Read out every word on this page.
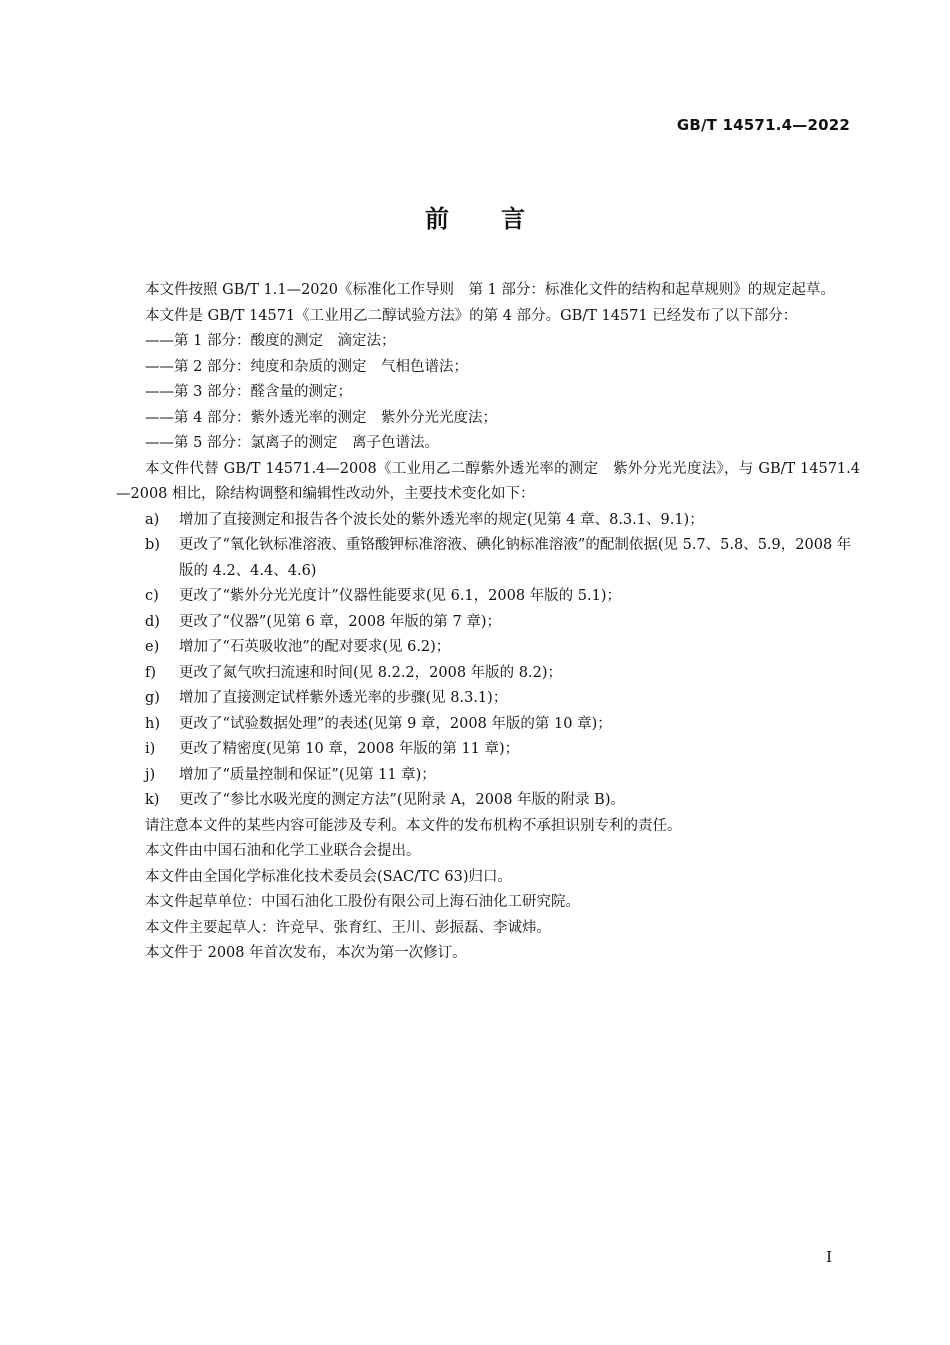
GB/T 14571.4—2022
前言

本文件按照 GB/T 1.1—2020《标准化工作导则　第 1 部分：标准化文件的结构和起草规则》的规定起草。

本文件是 GB/T 14571《工业用乙二醇试验方法》的第 4 部分。GB/T 14571 已经发布了以下部分：

——第 1 部分：酸度的测定　滴定法；

——第 2 部分：纯度和杂质的测定　气相色谱法；

——第 3 部分：醛含量的测定；

——第 4 部分：紫外透光率的测定　紫外分光光度法；

——第 5 部分：氯离子的测定　离子色谱法。

本文件代替 GB/T 14571.4—2008《工业用乙二醇紫外透光率的测定　紫外分光光度法》，与 GB/T 14571.4—2008 相比，除结构调整和编辑性改动外，主要技术变化如下：

a) 增加了直接测定和报告各个波长处的紫外透光率的规定(见第 4 章、8.3.1、9.1)；

b) 更改了“氧化钬标准溶液、重铬酸钾标准溶液、碘化钠标准溶液”的配制依据(见 5.7、5.8、5.9，2008 年版的 4.2、4.4、4.6)

c) 更改了“紫外分光光度计”仪器性能要求(见 6.1，2008 年版的 5.1)；

d) 更改了“仪器”(见第 6 章，2008 年版的第 7 章)；

e) 增加了“石英吸收池”的配对要求(见 6.2)；

f) 更改了氮气吹扫流速和时间(见 8.2.2，2008 年版的 8.2)；

g) 增加了直接测定试样紫外透光率的步骤(见 8.3.1)；

h) 更改了“试验数据处理”的表述(见第 9 章，2008 年版的第 10 章)；

i) 更改了精密度(见第 10 章，2008 年版的第 11 章)；

j) 增加了“质量控制和保证”(见第 11 章)；

k) 更改了“参比水吸光度的测定方法”(见附录 A，2008 年版的附录 B)。

请注意本文件的某些内容可能涉及专利。本文件的发布机构不承担识别专利的责任。

本文件由中国石油和化学工业联合会提出。

本文件由全国化学标准化技术委员会(SAC/TC 63)归口。

本文件起草单位：中国石油化工股份有限公司上海石油化工研究院。

本文件主要起草人：许竞早、张育红、王川、彭振磊、李诚炜。

本文件于 2008 年首次发布，本次为第一次修订。

I
